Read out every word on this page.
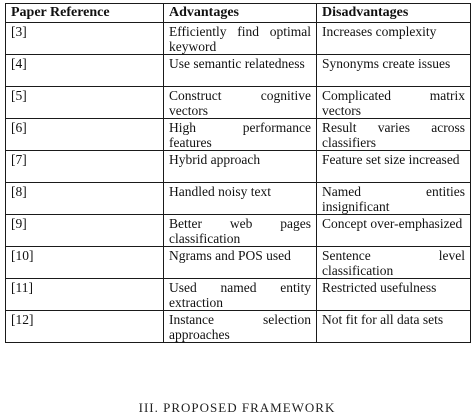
Paper Reference	Advantages	Disadvantages
[3]	Efficiently find optimal keyword	Increases complexity
[4]	Use semantic relatedness	Synonyms create issues
[5]	Construct cognitive vectors	Complicated matrix vectors
[6]	High performance features	Result varies across classifiers
[7]	Hybrid approach	Feature set size increased
[8]	Handled noisy text	Named entities insignificant
[9]	Better web pages classification	Concept over-emphasized
[10]	Ngrams and POS used	Sentence level classification
[11]	Used named entity extraction	Restricted usefulness
[12]	Instance selection approaches	Not fit for all data sets
III. PROPOSED FRAMEWORK
